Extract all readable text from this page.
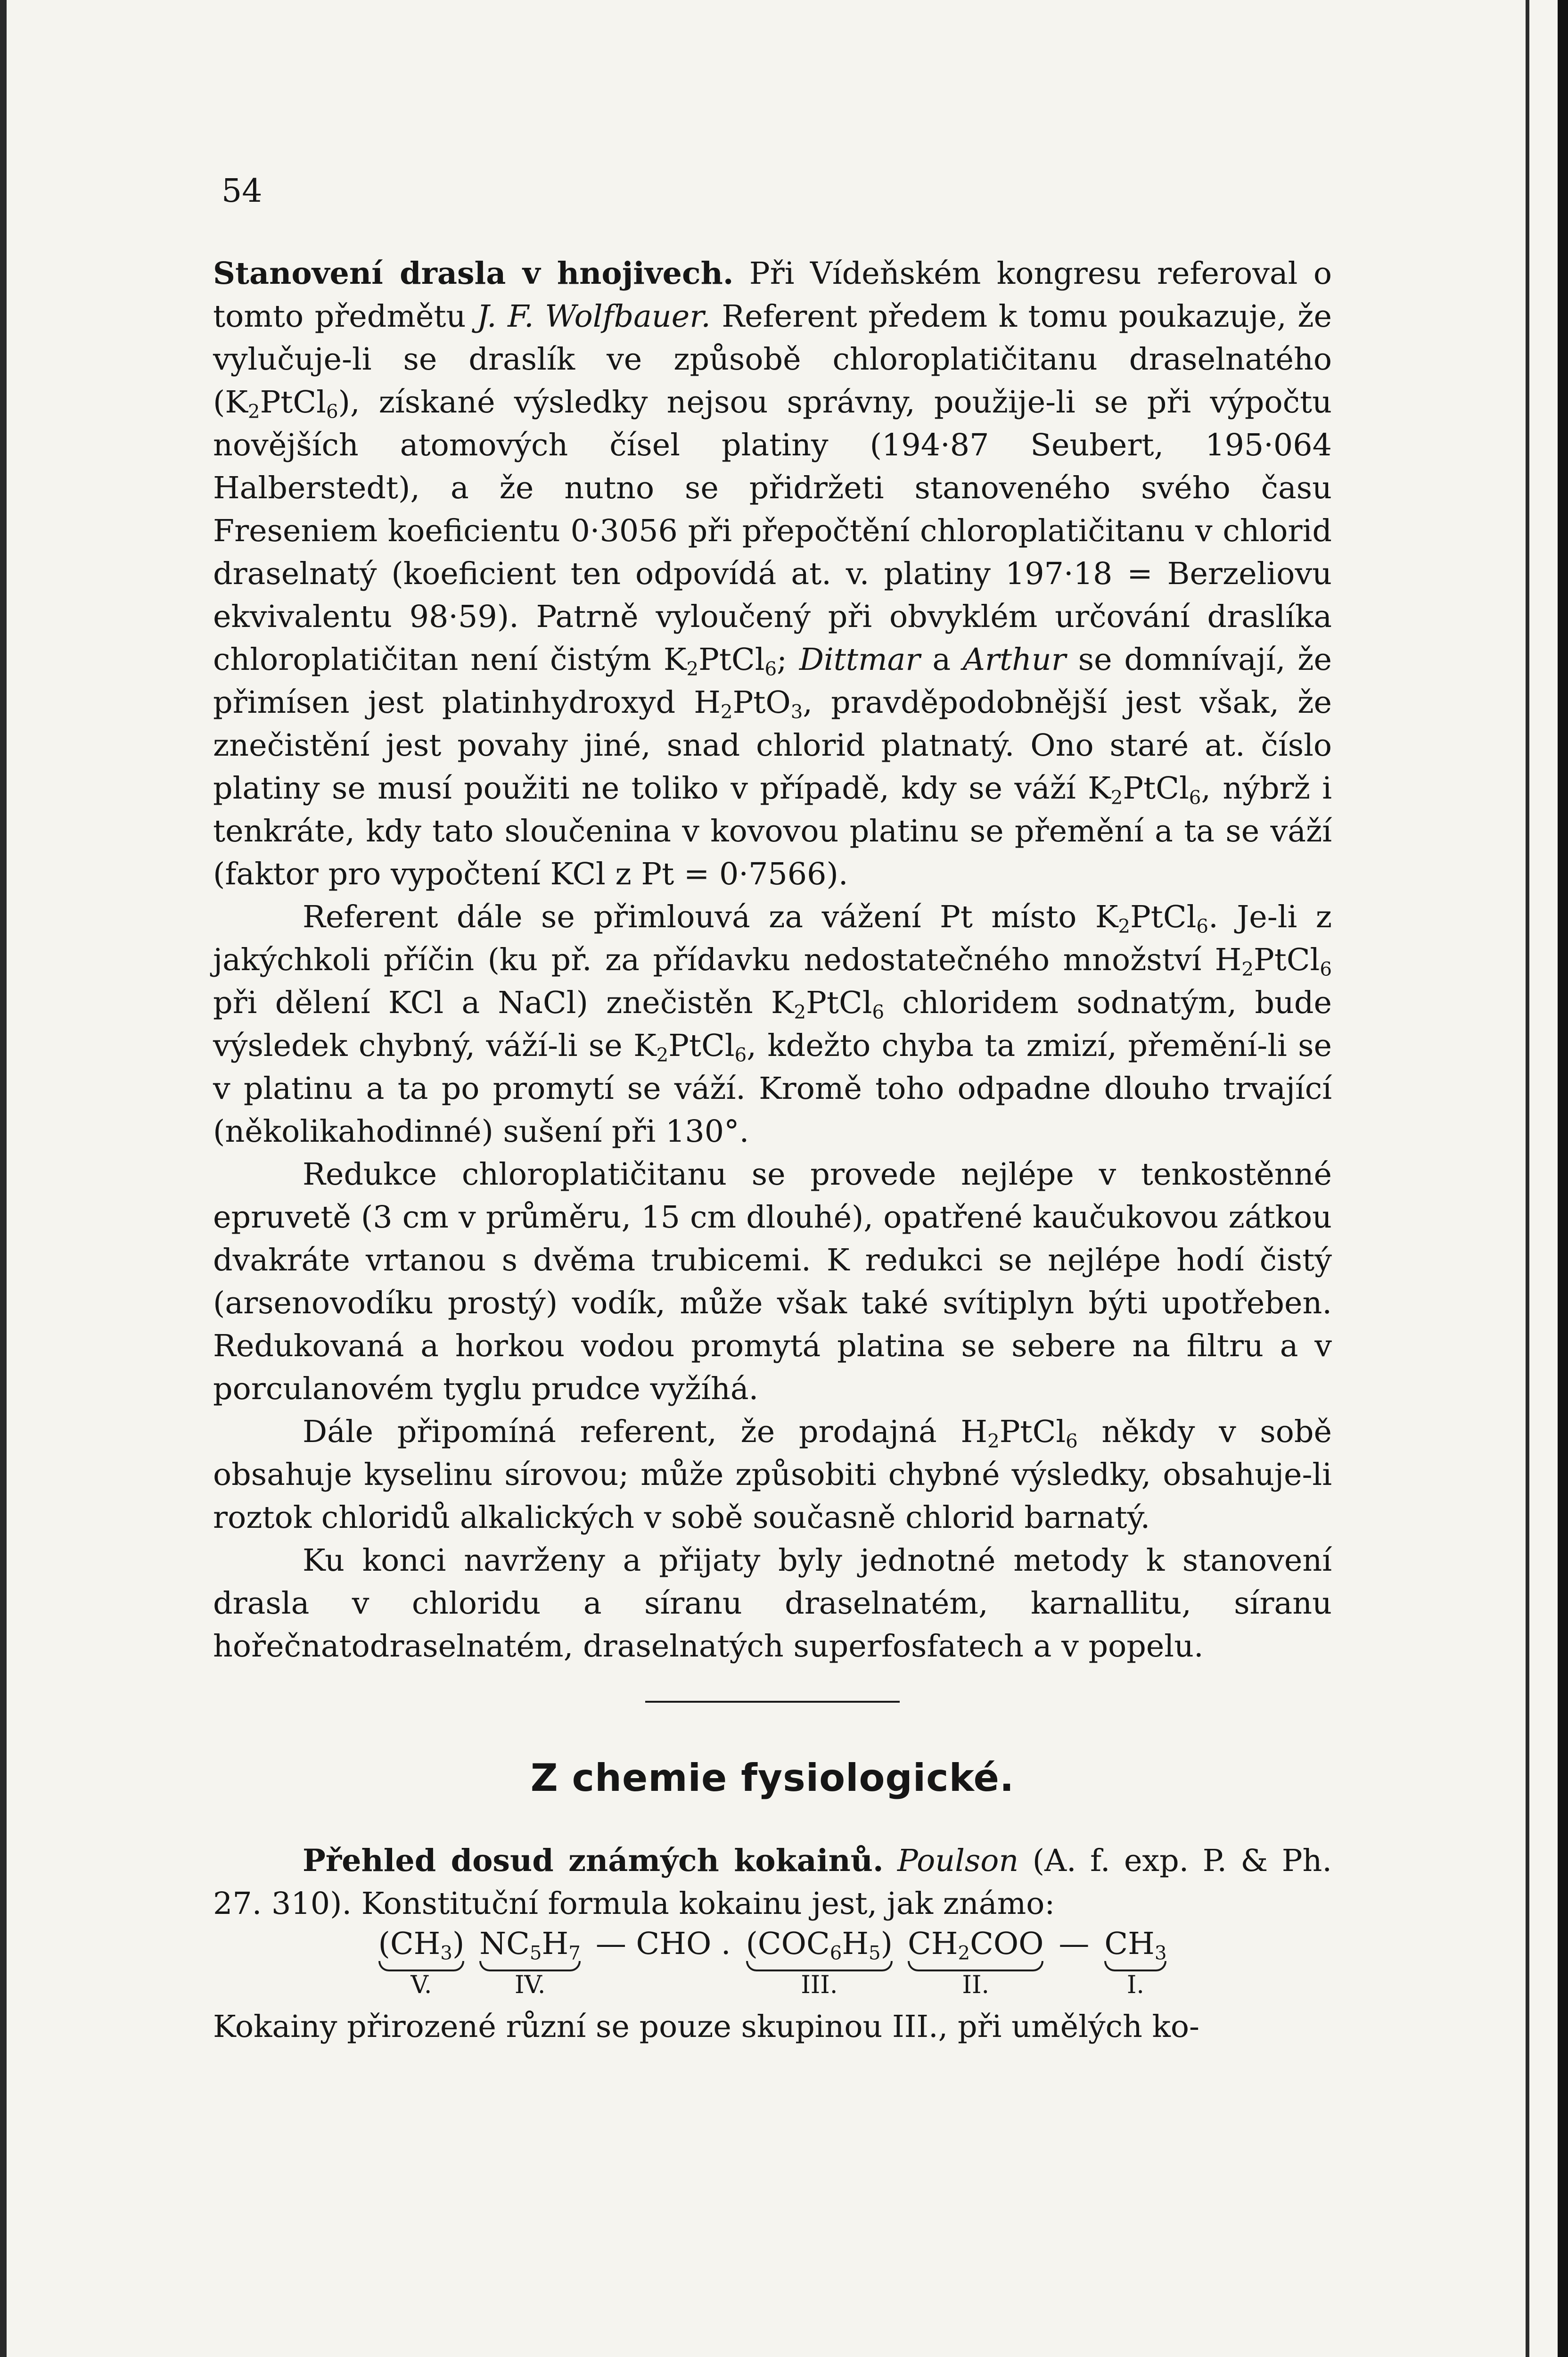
54

Stanovení drasla v hnojivech. Při Vídeňském kongresu referoval o tomto předmětu J. F. Wolfbauer. Referent předem k tomu poukazuje, že vylučuje-li se draslík ve způsobě chloroplatičitanu draselnatého $(K_2PtCl_6)$, získané výsledky nejsou správny, použije-li se při výpočtu novějších atomových čísel platiny (194·87 Seubert, 195·064 Halberstedt), a že nutno se přidržeti stanoveného svého času Freseniem koeficientu 0·3056 při přepočtění chloroplatičitanu v chlorid draselnatý (koeficient ten odpovídá at. v. platiny 197·18 = Berzeliovu ekvivalentu 98·59). Patrně vyloučený při obvyklém určování draslíka chloroplatičitan není čistým $K_2PtCl_6$; Dittmar a Arthur se domnívají, že přimísen jest platinhydroxyd $H_2PtO_3$, pravděpodobnější jest však, že znečistění jest povahy jiné, snad chlorid platnatý. Ono staré at. číslo platiny se musí použiti ne toliko v případě, kdy se váží $K_2PtCl_6$, nýbrž i tenkráte, kdy tato sloučenina v kovovou platinu se přemění a ta se váží (faktor pro vypočtení KCl z Pt = 0·7566).

Referent dále se přimlouvá za vážení Pt místo $K_2PtCl_6$. Je-li z jakýchkoli příčin (ku př. za přídavku nedostatečného množství $H_2PtCl_6$ při dělení KCl a NaCl) znečistěn $K_2PtCl_6$ chloridem sodnatým, bude výsledek chybný, váží-li se $K_2PtCl_6$, kdežto chyba ta zmizí, přemění-li se v platinu a ta po promytí se váží. Kromě toho odpadne dlouho trvající (několikahodinné) sušení při 130°.

Redukce chloroplatičitanu se provede nejlépe v tenkostěnné epruvetě (3 cm v průměru, 15 cm dlouhé), opatřené kaučukovou zátkou dvakráte vrtanou s dvěma trubicemi. K redukci se nejlépe hodí čistý (arsenovodíku prostý) vodík, může však také svítiplyn býti upotřeben. Redukovaná a horkou vodou promytá platina se sebere na filtru a v porculanovém tyglu prudce vyžíhá.

Dále připomíná referent, že prodajná $H_2PtCl_6$ někdy v sobě obsahuje kyselinu sírovou; může způsobiti chybné výsledky, obsahuje-li roztok chloridů alkalických v sobě současně chlorid barnatý.

Ku konci navrženy a přijaty byly jednotné metody k stanovení drasla v chloridu a síranu draselnatém, karnallitu, síranu hořečnatodraselnatém, draselnatých superfosfatech a v popelu.

Z chemie fysiologické.

Přehled dosud známých kokainů. Poulson (A. f. exp. P. & Ph. 27. 310). Konstituční formula kokainu jest, jak známo:

$(CH_3)$
V.
$NC_5H_7$
IV.
— CHO . $(COC_6H_5)$
III.
$CH_2COO$
II.
— $CH_3$
I.

Kokainy přirozené různí se pouze skupinou III., při umělých ko-
